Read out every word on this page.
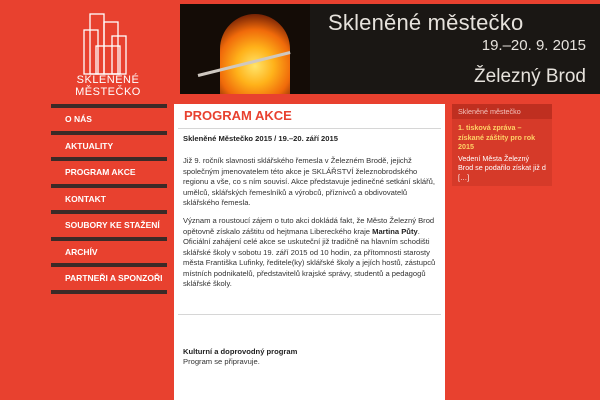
SKLENĚNÉ
MĚSTEČKO
Skleněné městečko
19.–20. 9. 2015
Železný Brod
O NÁS
AKTUALITY
PROGRAM AKCE
KONTAKT
SOUBORY KE STAŽENÍ
ARCHÍV
PARTNEŘI A SPONZOŘI
PROGRAM AKCE
Skleněné Městečko 2015 / 19.–20. září 2015
Již 9. ročník slavnosti sklářského řemesla v Železném Brodě, jejichž společným jmenovatelem této akce je SKLÁŘSTVÍ železnobrodského regionu a vše, co s ním souvisí. Akce představuje jedinečné setkání sklářů, umělců, sklářských řemeslníků a výrobců, příznivců a obdivovatelů sklářského řemesla.
Význam a roustoucí zájem o tuto akci dokládá fakt, že Město Železný Brod opětovně získalo záštitu od hejtmana Libereckého kraje Martina Půty. Oficiální zahájení celé akce se uskuteční již tradičně na hlavním schodišti sklářské školy v sobotu 19. září 2015 od 10 hodin, za přítomnosti starosty města Františka Lufinky, ředitele(ky) sklářské školy a jejích hostů, zástupců místních podnikatelů, představitelů krajské správy, studentů a pedagogů sklářské školy.
Kulturní a doprovodný program
Program se připravuje.
Skleněné městečko
1. tisková zpráva – získané záštity pro rok 2015
Vedení Města Železný Brod se podařilo získat již d […]
